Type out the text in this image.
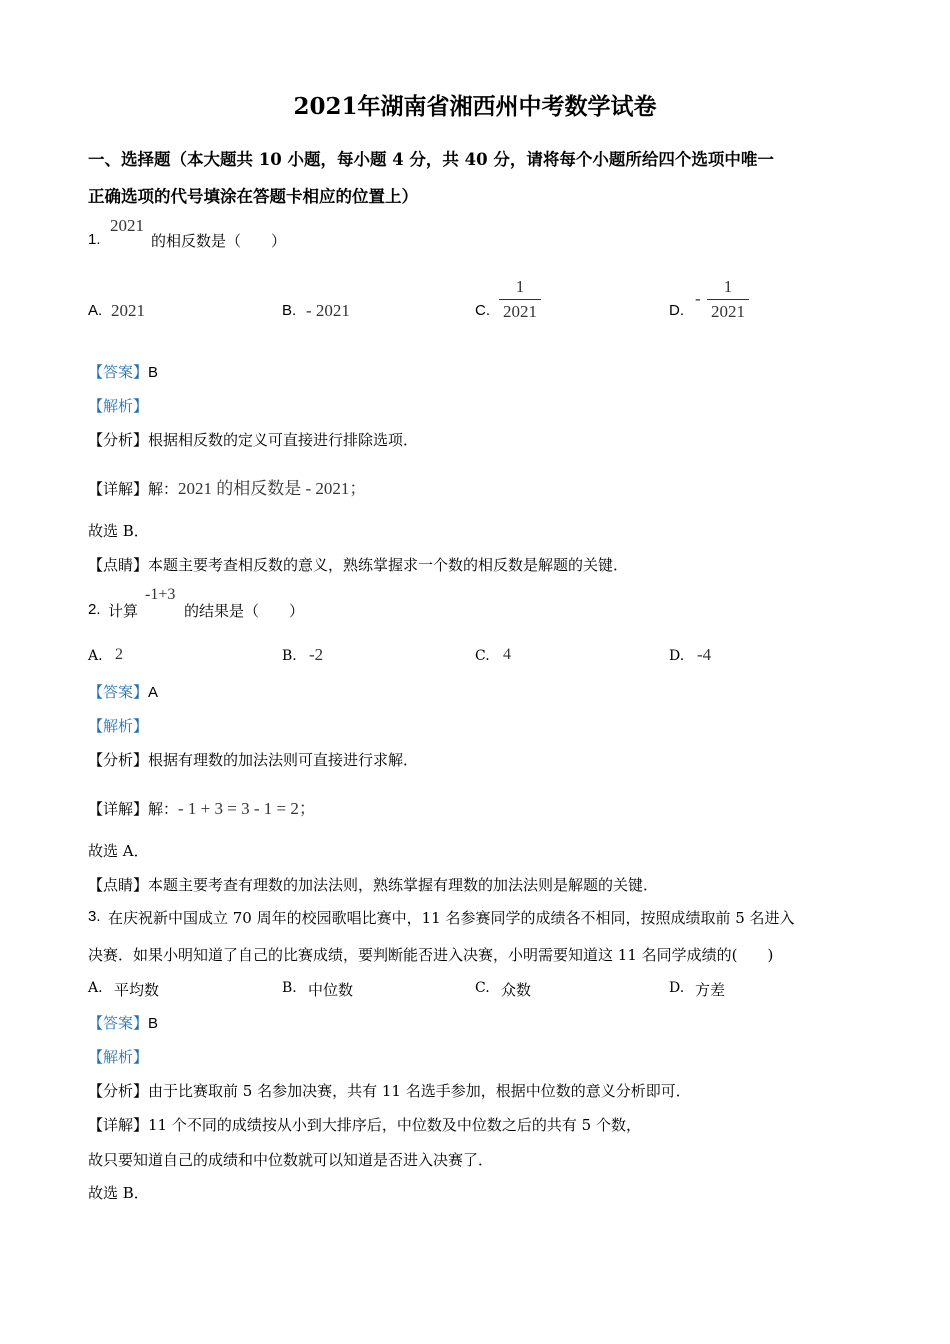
2021年湖南省湘西州中考数学试卷
一、选择题（本大题共 10 小题，每小题 4 分，共 40 分，请将每个小题所给四个选项中唯一
正确选项的代号填涂在答题卡相应的位置上）
1.
2021
的相反数是（　　）
A. 2021	B. - 2021	C.
1
2021	D.
-
1
2021
【答案】B
【解析】
【分析】根据相反数的定义可直接进行排除选项．
【详解】解：2021 的相反数是 - 2021；
故选 B．
【点睛】本题主要考查相反数的意义，熟练掌握求一个数的相反数是解题的关键．
2. 计算
-1+3
的结果是（　　）
A. 2	B. -2	C. 4	D. -4
【答案】A
【解析】
【分析】根据有理数的加法法则可直接进行求解．
【详解】解：- 1 + 3 = 3 - 1 = 2；
故选 A．
【点睛】本题主要考查有理数的加法法则，熟练掌握有理数的加法法则是解题的关键．
3. 在庆祝新中国成立 70 周年的校园歌唱比赛中，11 名参赛同学的成绩各不相同，按照成绩取前 5 名进入
决赛．如果小明知道了自己的比赛成绩，要判断能否进入决赛，小明需要知道这 11 名同学成绩的(　　)
A. 平均数	B. 中位数	C. 众数	D. 方差
【答案】B
【解析】
【分析】由于比赛取前 5 名参加决赛，共有 11 名选手参加，根据中位数的意义分析即可．
【详解】11 个不同的成绩按从小到大排序后，中位数及中位数之后的共有 5 个数，
故只要知道自己的成绩和中位数就可以知道是否进入决赛了．
故选 B．
